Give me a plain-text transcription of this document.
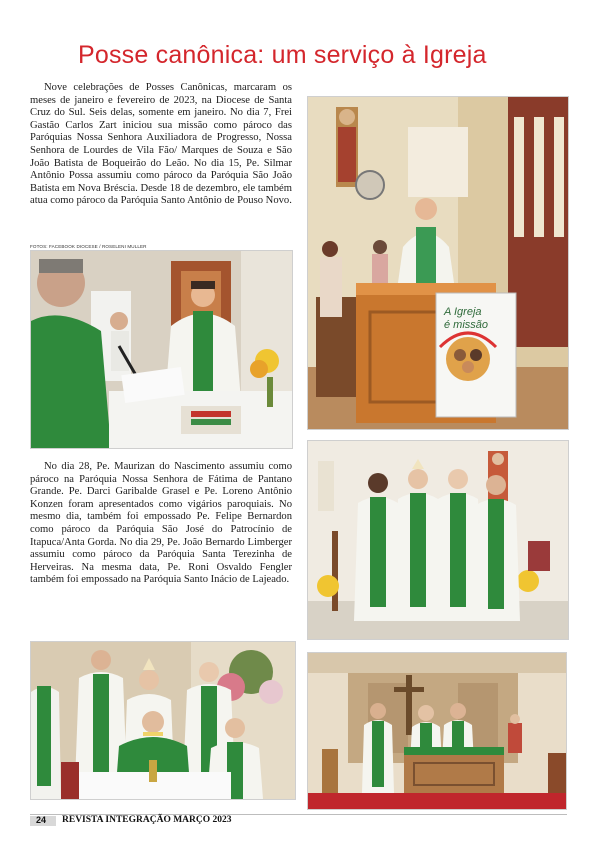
Posse canônica: um serviço à Igreja

Nove celebrações de Posses Canônicas, marcaram os meses de janeiro e fevereiro de 2023, na Diocese de Santa Cruz do Sul. Seis delas, somente em janeiro. No dia 7, Frei Gastão Carlos Zart iniciou sua missão como pároco das Paróquias Nossa Senhora Auxiliadora de Progresso, Nossa Senhora de Lourdes de Vila Fão/ Marques de Souza e São João Batista de Boqueirão do Leão. No dia 15, Pe. Silmar Antônio Possa assumiu como pároco da Paróquia São João Batista em Nova Bréscia. Desde 18 de dezembro, ele também atua como pároco da Paróquia Santo Antônio de Pouso Novo.

FOTOS: FACEBOOK DIOCESE / ROSELENI MULLER
A Igreja
é missão

No dia 28, Pe. Maurizan do Nascimento assumiu como pároco na Paróquia Nossa Senhora de Fátima de Pantano Grande. Pe. Darci Garibalde Grasel e Pe. Loreno Antônio Konzen foram apresentados como vigários paroquiais. No mesmo dia, também foi empossado Pe. Felipe Bernardon como pároco da Paróquia São José do Patrocínio de Itapuca/Anta Gorda. No dia 29, Pe. João Bernardo Limberger assumiu como pároco da Paróquia Santa Terezinha de Herveiras. Na mesma data, Pe. Roni Osvaldo Fengler também foi empossado na Paróquia Santo Inácio de Lajeado.

24 REVISTA INTEGRAÇÃO MARÇO 2023
